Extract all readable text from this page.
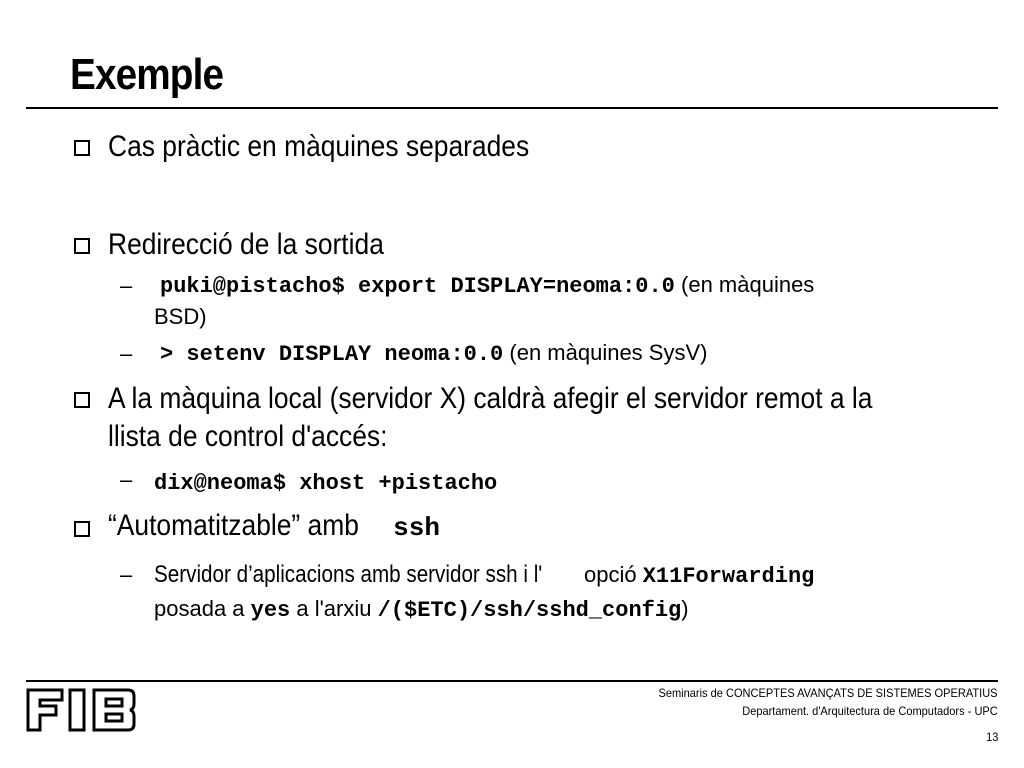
Exemple
Cas pràctic en màquines separades
Redirecció de la sortida
– puki@pistacho$ export DISPLAY=neoma:0.0 (en màquines
BSD)
– > setenv DISPLAY neoma:0.0 (en màquines SysV)
A la màquina local (servidor X) caldrà afegir el servidor remot a la
llista de control d'accés:
– dix@neoma$ xhost +pistacho
“Automatitzable” ambssh
– Servidor d’aplicacions amb servidor ssh i l'	opció X11Forwarding
posada a yes a l'arxiu /($ETC)/ssh/sshd_config)
Seminaris de CONCEPTES AVANÇATS DE SISTEMES OPERATIUS
Departament. d'Arquitectura de Computadors - UPC
13
